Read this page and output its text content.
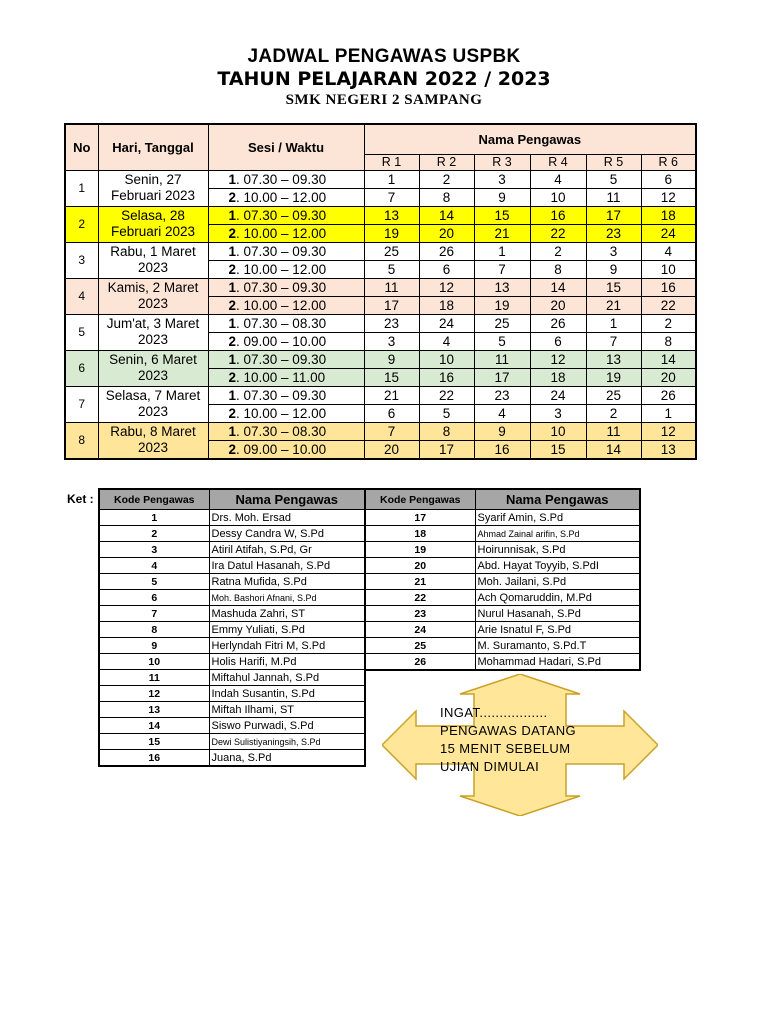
JADWAL PENGAWAS USPBK
TAHUN PELAJARAN 2022 / 2023
SMK NEGERI 2 SAMPANG
No	Hari, Tanggal	Sesi / Waktu	Nama Pengawas					
			R 1	R 2	R 3	R 4	R 5	R 6
1	Senin, 27 Februari 2023	1. 07.30 – 09.30	1	2	3	4	5	6
		2. 10.00 – 12.00	7	8	9	10	11	12
2	Selasa, 28 Februari 2023	1. 07.30 – 09.30	13	14	15	16	17	18
		2. 10.00 – 12.00	19	20	21	22	23	24
3	Rabu, 1 Maret 2023	1. 07.30 – 09.30	25	26	1	2	3	4
		2. 10.00 – 12.00	5	6	7	8	9	10
4	Kamis, 2 Maret 2023	1. 07.30 – 09.30	11	12	13	14	15	16
		2. 10.00 – 12.00	17	18	19	20	21	22
5	Jum'at, 3 Maret 2023	1. 07.30 – 08.30	23	24	25	26	1	2
		2. 09.00 – 10.00	3	4	5	6	7	8
6	Senin, 6 Maret 2023	1. 07.30 – 09.30	9	10	11	12	13	14
		2. 10.00 – 11.00	15	16	17	18	19	20
7	Selasa, 7 Maret 2023	1. 07.30 – 09.30	21	22	23	24	25	26
		2. 10.00 – 12.00	6	5	4	3	2	1
8	Rabu, 8 Maret 2023	1. 07.30 – 08.30	7	8	9	10	11	12
		2. 09.00 – 10.00	20	17	16	15	14	13
Ket : Kode Pengawas	Nama Pengawas
1	Drs. Moh. Ersad
2	Dessy Candra W, S.Pd
3	Atiril Atifah, S.Pd, Gr
4	Ira Datul Hasanah, S.Pd
5	Ratna Mufida, S.Pd
6	Moh. Bashori Afnani, S.Pd
7	Mashuda Zahri, ST
8	Emmy Yuliati, S.Pd
9	Herlyndah Fitri M, S.Pd
10	Holis Harifi, M.Pd
11	Miftahul Jannah, S.Pd
12	Indah Susantin, S.Pd
13	Miftah Ilhami, ST
14	Siswo Purwadi, S.Pd
15	Dewi Sulistiyaningsih, S.Pd
16	Juana, S.Pd
Kode Pengawas	Nama Pengawas
17	Syarif Amin, S.Pd
18	Ahmad Zainal arifin, S.Pd
19	Hoirunnisak, S.Pd
20	Abd. Hayat Toyyib, S.PdI
21	Moh. Jailani, S.Pd
22	Ach Qomaruddin, M.Pd
23	Nurul Hasanah, S.Pd
24	Arie Isnatul F, S.Pd
25	M. Suramanto, S.Pd.T
26	Mohammad Hadari, S.Pd
INGAT.................
PENGAWAS DATANG
15 MENIT SEBELUM
UJIAN DIMULAI
